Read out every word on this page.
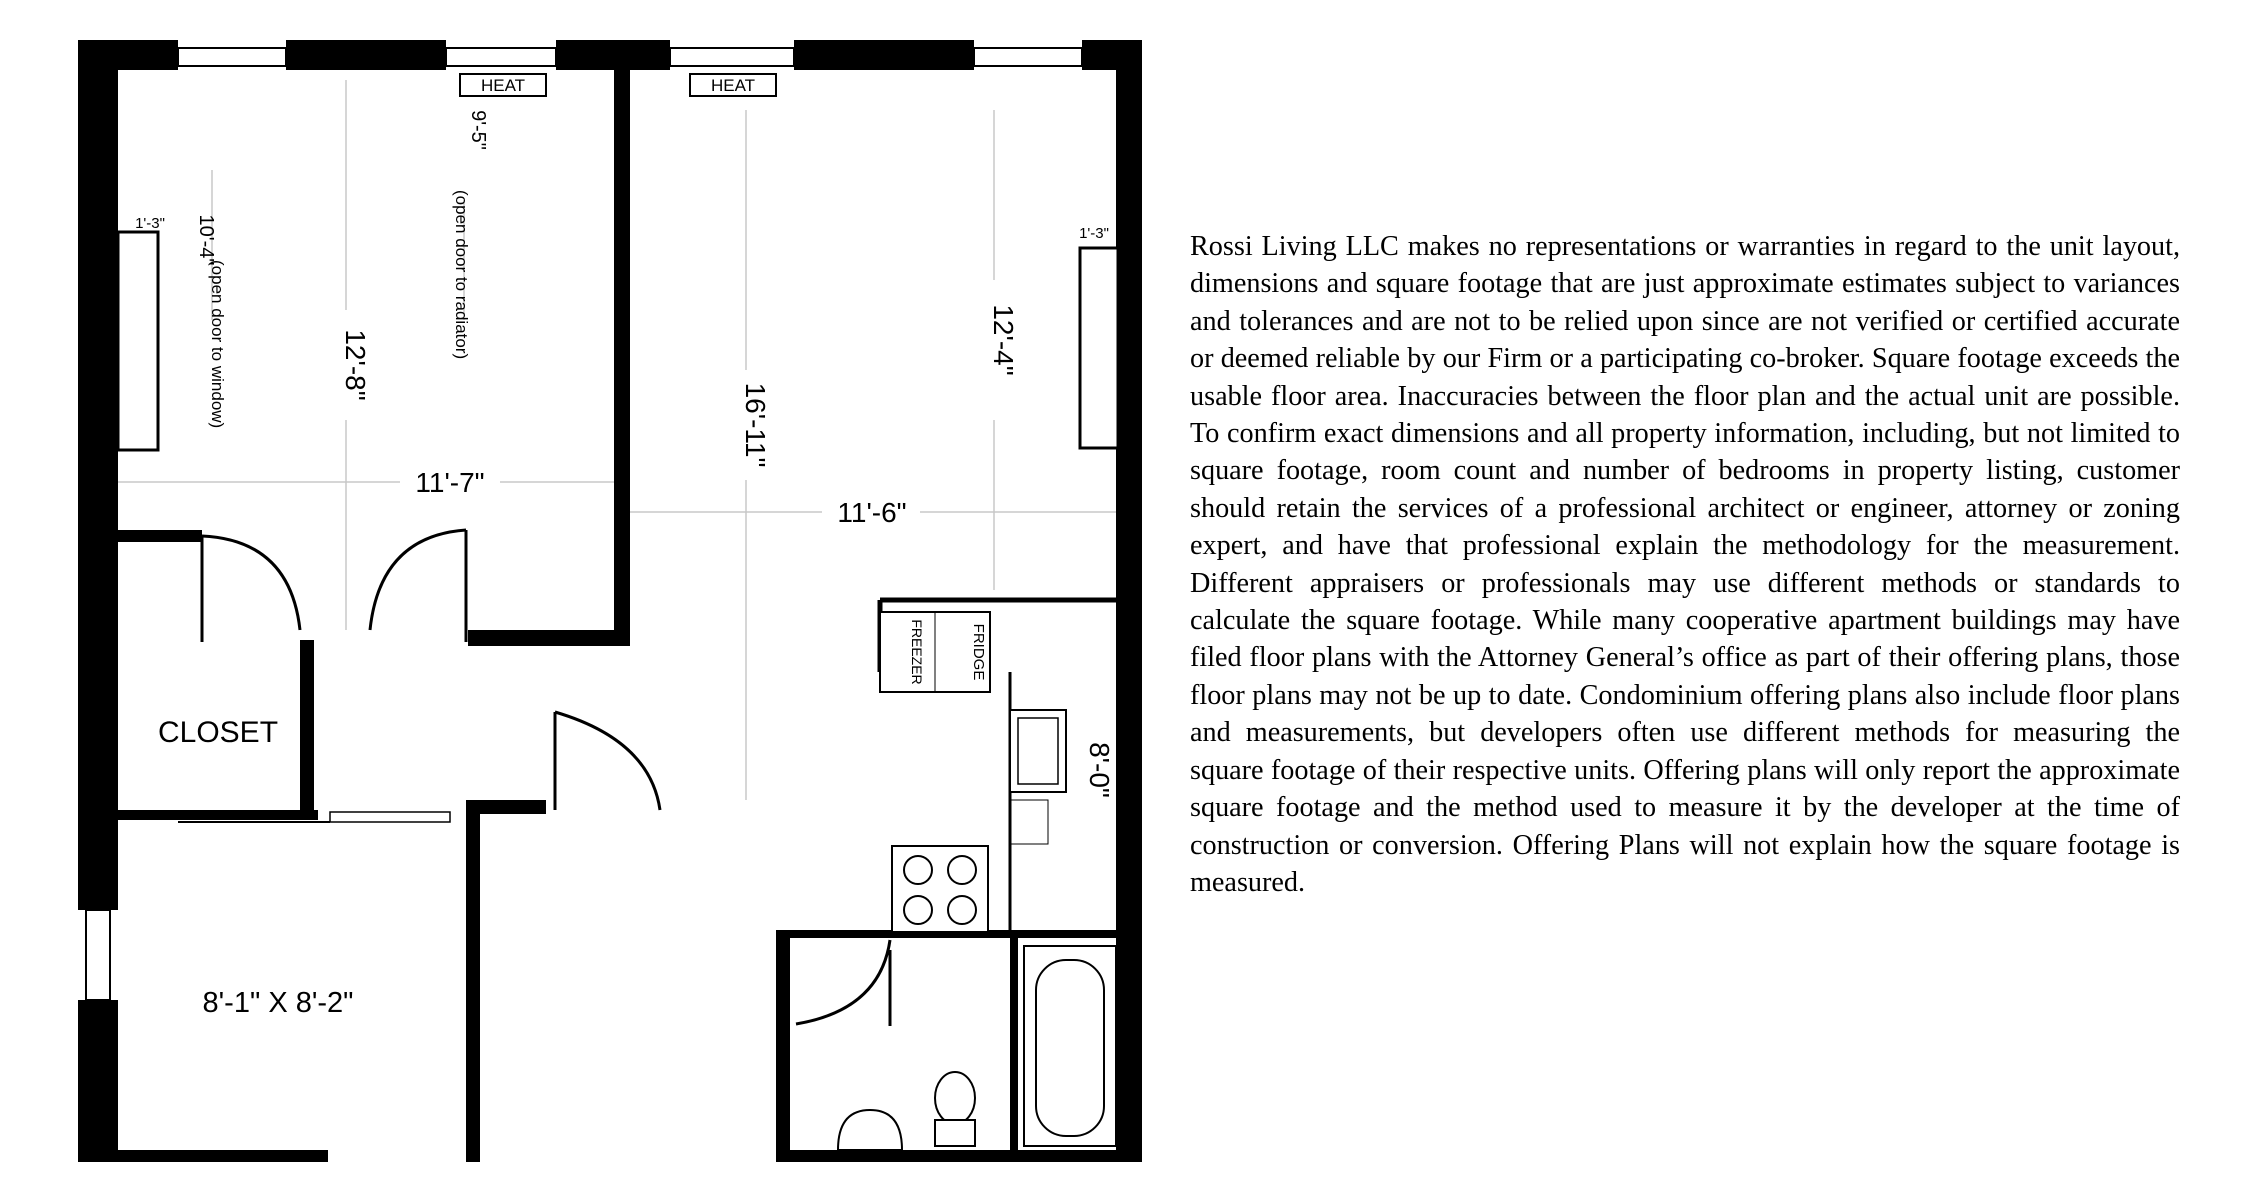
HEAT	HEAT
1'-3"
1'-3"
FRIDGE
FREEZER
10'-4"
(open door to window)
9'-5"
(open door to radiator)
12'-8"
11'-7"
16'-11"
12'-4"
11'-6"
8'-0"
CLOSET
8'-1" X 8'-2"

Rossi Living LLC makes no representations or warranties in regard to the unit layout, dimensions and square footage that are just approximate estimates subject to variances and tolerances and are not to be relied upon since are not verified or certified accurate or deemed reliable by our Firm or a participating co-broker. Square footage exceeds the usable floor area. Inaccuracies between the floor plan and the actual unit are possible. To confirm exact dimensions and all property information, including, but not limited to square footage, room count and number of bedrooms in property listing, customer should retain the services of a professional architect or engineer, attorney or zoning expert, and have that professional explain the methodology for the measurement. Different appraisers or professionals may use different methods or standards to calculate the square footage. While many cooperative apartment buildings may have filed floor plans with the Attorney General’s office as part of their offering plans, those floor plans may not be up to date. Condominium offering plans also include floor plans and measurements, but developers often use different methods for measuring the square footage of their respective units. Offering plans will only report the approximate square footage and the method used to measure it by the developer at the time of construction or conversion. Offering Plans will not explain how the square footage is measured.
